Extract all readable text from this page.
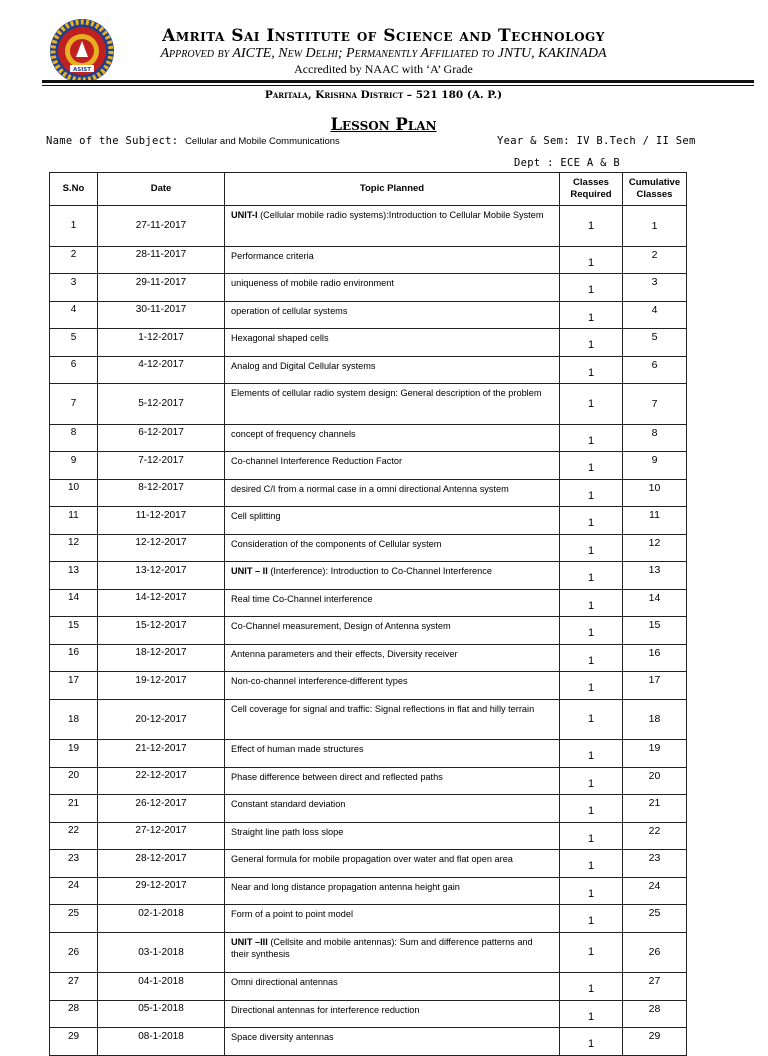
ASIST
Amrita Sai Institute of Science and Technology
Approved by AICTE, New Delhi; Permanently Affiliated to JNTU, KAKINADA
Accredited by NAAC with ‘A’ Grade
Paritala, Krishna District – 521 180 (A. P.)
Lesson Plan
Name of the Subject: Cellular and Mobile Communications	Year & Sem: IV B.Tech / II Sem
Dept : ECE A & B
S.No	Date	Topic Planned	Classes Required	Cumulative Classes
1	27-11-2017	UNIT-I (Cellular mobile radio systems):Introduction to Cellular Mobile System	1	1
2	28-11-2017	Performance criteria	1	2
3	29-11-2017	uniqueness of mobile radio environment	1	3
4	30-11-2017	operation of cellular systems	1	4
5	1-12-2017	Hexagonal shaped cells	1	5
6	4-12-2017	Analog and Digital Cellular systems	1	6
7	5-12-2017	Elements of cellular radio system design: General description of the problem	1	7
8	6-12-2017	concept of frequency channels	1	8
9	7-12-2017	Co-channel Interference Reduction Factor	1	9
10	8-12-2017	desired C/I from a normal case in a omni directional Antenna system	1	10
11	11-12-2017	Cell splitting	1	11
12	12-12-2017	Consideration of the components of Cellular system	1	12
13	13-12-2017	UNIT – II (Interference): Introduction to Co-Channel Interference	1	13
14	14-12-2017	Real time Co-Channel interference	1	14
15	15-12-2017	Co-Channel measurement, Design of Antenna system	1	15
16	18-12-2017	Antenna parameters and their effects, Diversity receiver	1	16
17	19-12-2017	Non-co-channel interference-different types	1	17
18	20-12-2017	Cell coverage for signal and traffic: Signal reflections in flat and hilly terrain	1	18
19	21-12-2017	Effect of human made structures	1	19
20	22-12-2017	Phase difference between direct and reflected paths	1	20
21	26-12-2017	Constant standard deviation	1	21
22	27-12-2017	Straight line path loss slope	1	22
23	28-12-2017	General formula for mobile propagation over water and flat open area	1	23
24	29-12-2017	Near and long distance propagation antenna height gain	1	24
25	02-1-2018	Form of a point to point model	1	25
26	03-1-2018	UNIT –III (Cellsite and mobile antennas): Sum and difference patterns and their synthesis	1	26
27	04-1-2018	Omni directional antennas	1	27
28	05-1-2018	Directional antennas for interference reduction	1	28
29	08-1-2018	Space diversity antennas	1	29
